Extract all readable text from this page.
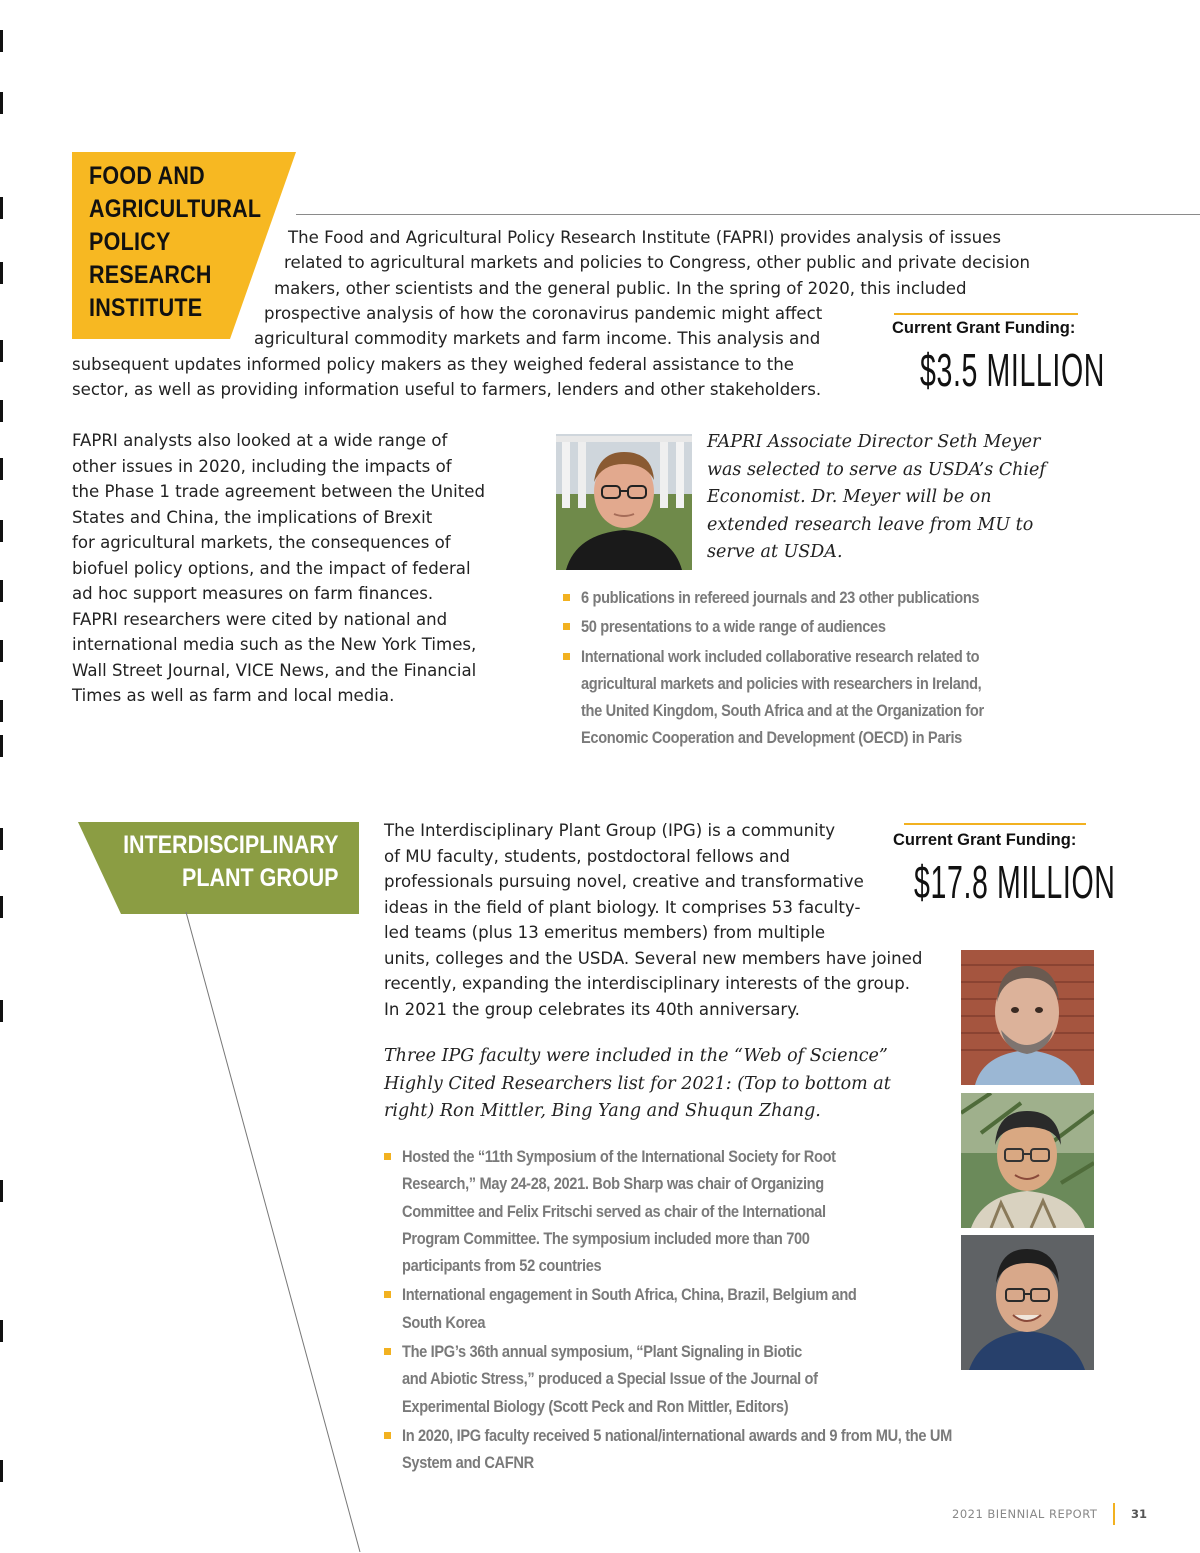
FOOD AND
AGRICULTURAL
POLICY
RESEARCH
INSTITUTE
The Food and Agricultural Policy Research Institute (FAPRI) provides analysis of issues
related to agricultural markets and policies to Congress, other public and private decision
makers, other scientists and the general public. In the spring of 2020, this included
prospective analysis of how the coronavirus pandemic might affect
agricultural commodity markets and farm income. This analysis and
subsequent updates informed policy makers as they weighed federal assistance to the
sector, as well as providing information useful to farmers, lenders and other stakeholders.
Current Grant Funding:
$3.5 MILLION
FAPRI analysts also looked at a wide range of
other issues in 2020, including the impacts of
the Phase 1 trade agreement between the United
States and China, the implications of Brexit
for agricultural markets, the consequences of
biofuel policy options, and the impact of federal
ad hoc support measures on farm finances.
FAPRI researchers were cited by national and
international media such as the New York Times,
Wall Street Journal, VICE News, and the Financial
Times as well as farm and local media.
FAPRI Associate Director Seth Meyer
was selected to serve as USDA’s Chief
Economist. Dr. Meyer will be on
extended research leave from MU to
serve at USDA.
6 publications in refereed journals and 23 other publications
50 presentations to a wide range of audiences
International work included collaborative research related to
agricultural markets and policies with researchers in Ireland,
the United Kingdom, South Africa and at the Organization for
Economic Cooperation and Development (OECD) in Paris
INTERDISCIPLINARY
PLANT GROUP
The Interdisciplinary Plant Group (IPG) is a community
of MU faculty, students, postdoctoral fellows and
professionals pursuing novel, creative and transformative
ideas in the field of plant biology. It comprises 53 faculty-
led teams (plus 13 emeritus members) from multiple
units, colleges and the USDA. Several new members have joined
recently, expanding the interdisciplinary interests of the group.
In 2021 the group celebrates its 40th anniversary.
Current Grant Funding:
$17.8 MILLION
Three IPG faculty were included in the “Web of Science”
Highly Cited Researchers list for 2021: (Top to bottom at
right) Ron Mittler, Bing Yang and Shuqun Zhang.
Hosted the “11th Symposium of the International Society for Root
Research,” May 24-28, 2021. Bob Sharp was chair of Organizing
Committee and Felix Fritschi served as chair of the International
Program Committee. The symposium included more than 700
participants from 52 countries
International engagement in South Africa, China, Brazil, Belgium and
South Korea
The IPG’s 36th annual symposium, “Plant Signaling in Biotic
and Abiotic Stress,” produced a Special Issue of the Journal of
Experimental Biology (Scott Peck and Ron Mittler, Editors)
In 2020, IPG faculty received 5 national/international awards and 9 from MU, the UM
System and CAFNR
2021 BIENNIAL REPORT	31
